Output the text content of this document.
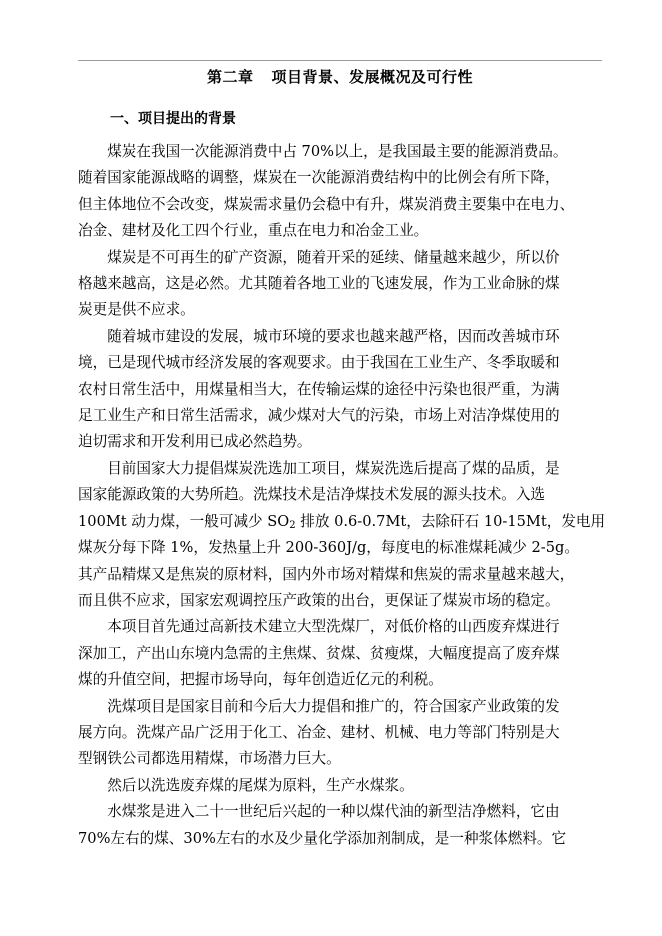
第二章 项目背景、发展概况及可行性
一、项目提出的背景

煤炭在我国一次能源消费中占 70%以上，是我国最主要的能源消费品。
随着国家能源战略的调整，煤炭在一次能源消费结构中的比例会有所下降，
但主体地位不会改变，煤炭需求量仍会稳中有升，煤炭消费主要集中在电力、
冶金、建材及化工四个行业，重点在电力和冶金工业。

煤炭是不可再生的矿产资源，随着开采的延续、储量越来越少，所以价
格越来越高，这是必然。尤其随着各地工业的飞速发展，作为工业命脉的煤
炭更是供不应求。

随着城市建设的发展，城市环境的要求也越来越严格，因而改善城市环
境，已是现代城市经济发展的客观要求。由于我国在工业生产、冬季取暖和
农村日常生活中，用煤量相当大，在传输运煤的途径中污染也很严重，为满
足工业生产和日常生活需求，减少煤对大气的污染，市场上对洁净煤使用的
迫切需求和开发利用已成必然趋势。

目前国家大力提倡煤炭洗选加工项目，煤炭洗选后提高了煤的品质，是
国家能源政策的大势所趋。洗煤技术是洁净煤技术发展的源头技术。入选
100Mt 动力煤，一般可减少 $SO_2$ 排放 0.6-0.7Mt，去除矸石 10-15Mt，发电用
煤灰分每下降 1%，发热量上升 200-360J/g，每度电的标准煤耗减少 2-5g。
其产品精煤又是焦炭的原材料，国内外市场对精煤和焦炭的需求量越来越大，
而且供不应求，国家宏观调控压产政策的出台，更保证了煤炭市场的稳定。

本项目首先通过高新技术建立大型洗煤厂，对低价格的山西废弃煤进行
深加工，产出山东境内急需的主焦煤、贫煤、贫瘦煤，大幅度提高了废弃煤
煤的升值空间，把握市场导向，每年创造近亿元的利税。

洗煤项目是国家目前和今后大力提倡和推广的，符合国家产业政策的发
展方向。洗煤产品广泛用于化工、冶金、建材、机械、电力等部门特别是大
型钢铁公司都选用精煤，市场潜力巨大。

然后以洗选废弃煤的尾煤为原料，生产水煤浆。

水煤浆是进入二十一世纪后兴起的一种以煤代油的新型洁净燃料，它由
70%左右的煤、30%左右的水及少量化学添加剂制成，是一种浆体燃料。它
